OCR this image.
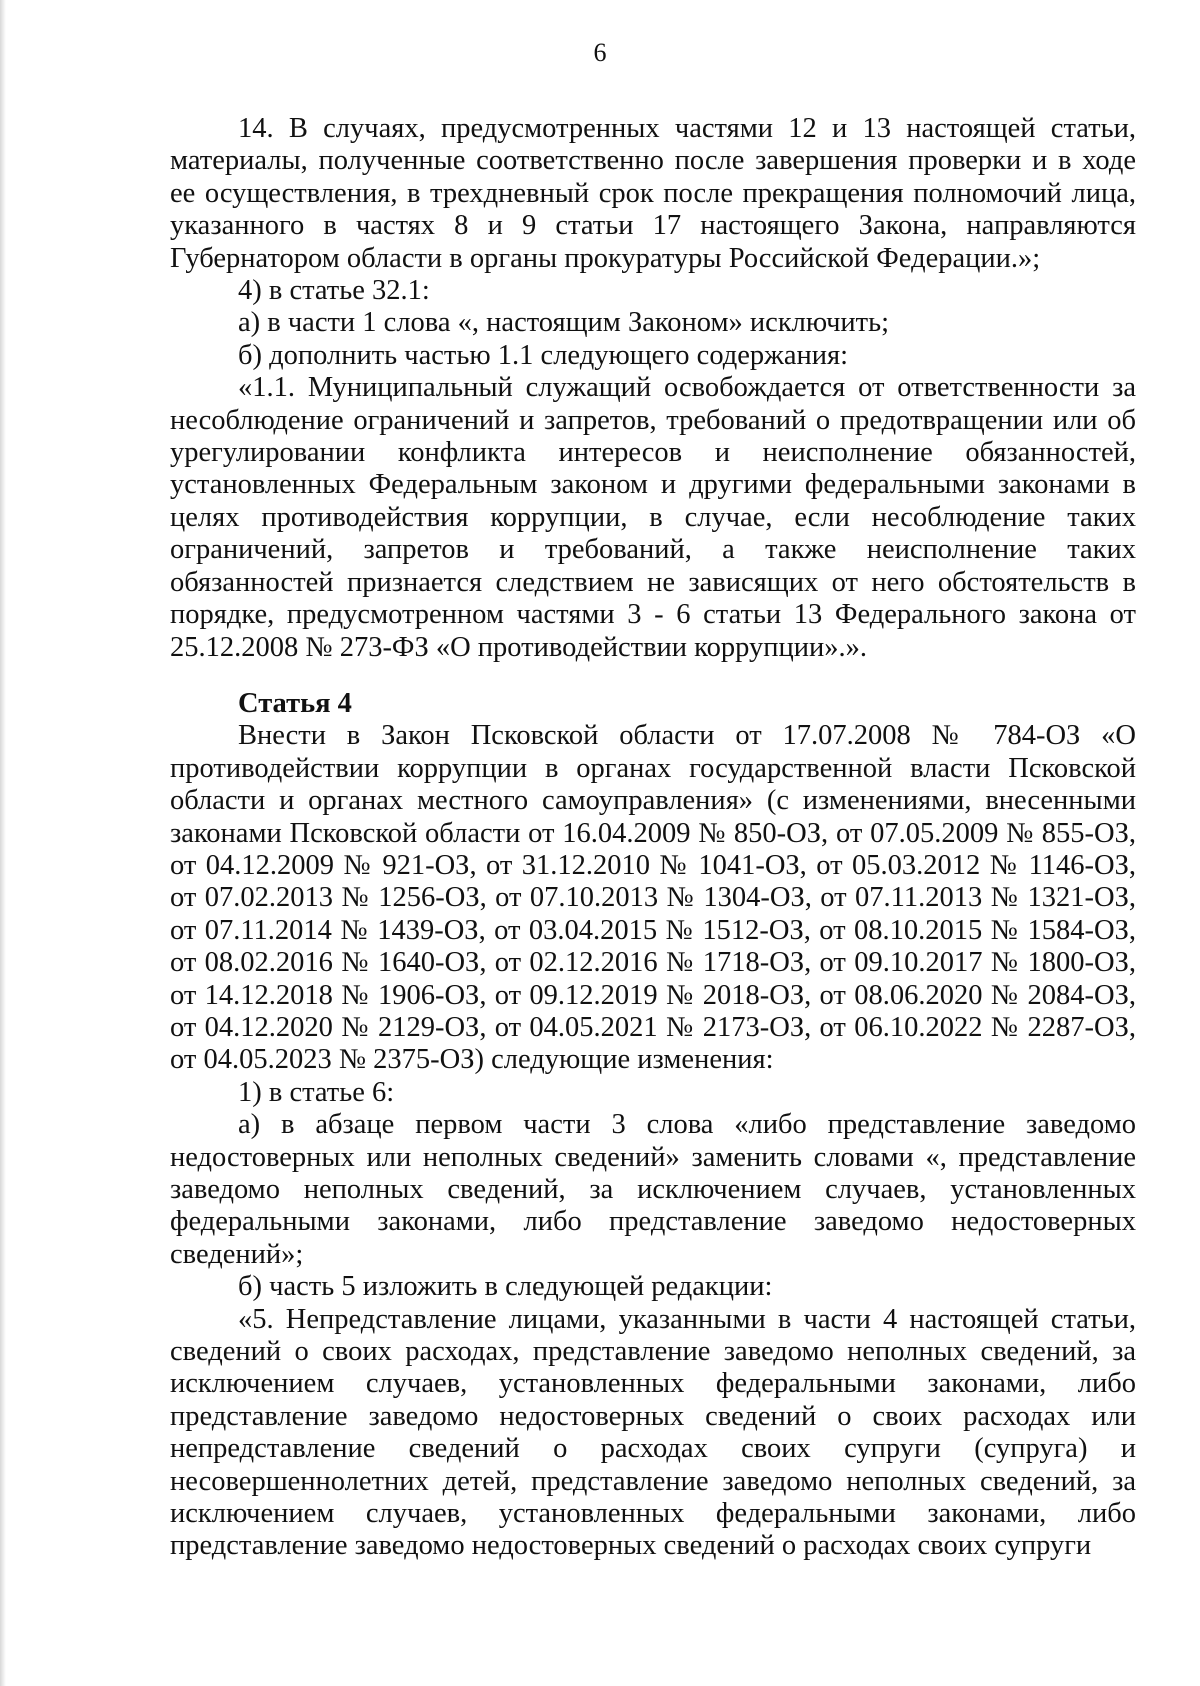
6

14. В случаях, предусмотренных частями 12 и 13 настоящей статьи, материалы, полученные соответственно после завершения проверки и в ходе ее осуществления, в трехдневный срок после прекращения полномочий лица, указанного в частях 8 и 9 статьи 17 настоящего Закона, направляются Губернатором области в органы прокуратуры Российской Федерации.»;

4) в статье 32.1:

а) в части 1 слова «, настоящим Законом» исключить;

б) дополнить частью 1.1 следующего содержания:

«1.1. Муниципальный служащий освобождается от ответственности за несоблюдение ограничений и запретов, требований о предотвращении или об урегулировании конфликта интересов и неисполнение обязанностей, установленных Федеральным законом и другими федеральными законами в целях противодействия коррупции, в случае, если несоблюдение таких ограничений, запретов и требований, а также неисполнение таких обязанностей признается следствием не зависящих от него обстоятельств в порядке, предусмотренном частями 3 - 6 статьи 13 Федерального закона от 25.12.2008 № 273-ФЗ «О противодействии коррупции».».

Статья 4

Внести в Закон Псковской области от 17.07.2008 № 784-ОЗ «О противодействии коррупции в органах государственной власти Псковской области и органах местного самоуправления» (с изменениями, внесенными законами Псковской области от 16.04.2009 № 850-ОЗ, от 07.05.2009 № 855-ОЗ, от 04.12.2009 № 921-ОЗ, от 31.12.2010 № 1041-ОЗ, от 05.03.2012 № 1146-ОЗ, от 07.02.2013 № 1256-ОЗ, от 07.10.2013 № 1304-ОЗ, от 07.11.2013 № 1321-ОЗ, от 07.11.2014 № 1439-ОЗ, от 03.04.2015 № 1512-ОЗ, от 08.10.2015 № 1584-ОЗ, от 08.02.2016 № 1640-ОЗ, от 02.12.2016 № 1718-ОЗ, от 09.10.2017 № 1800-ОЗ, от 14.12.2018 № 1906-ОЗ, от 09.12.2019 № 2018-ОЗ, от 08.06.2020 № 2084-ОЗ, от 04.12.2020 № 2129-ОЗ, от 04.05.2021 № 2173-ОЗ, от 06.10.2022 № 2287-ОЗ, от 04.05.2023 № 2375-ОЗ) следующие изменения:

1) в статье 6:

а) в абзаце первом части 3 слова «либо представление заведомо недостоверных или неполных сведений» заменить словами «, представление заведомо неполных сведений, за исключением случаев, установленных федеральными законами, либо представление заведомо недостоверных сведений»;

б) часть 5 изложить в следующей редакции:

«5. Непредставление лицами, указанными в части 4 настоящей статьи, сведений о своих расходах, представление заведомо неполных сведений, за исключением случаев, установленных федеральными законами, либо представление заведомо недостоверных сведений о своих расходах или непредставление сведений о расходах своих супруги (супруга) и несовершеннолетних детей, представление заведомо неполных сведений, за исключением случаев, установленных федеральными законами, либо представление заведомо недостоверных сведений о расходах своих супруги
